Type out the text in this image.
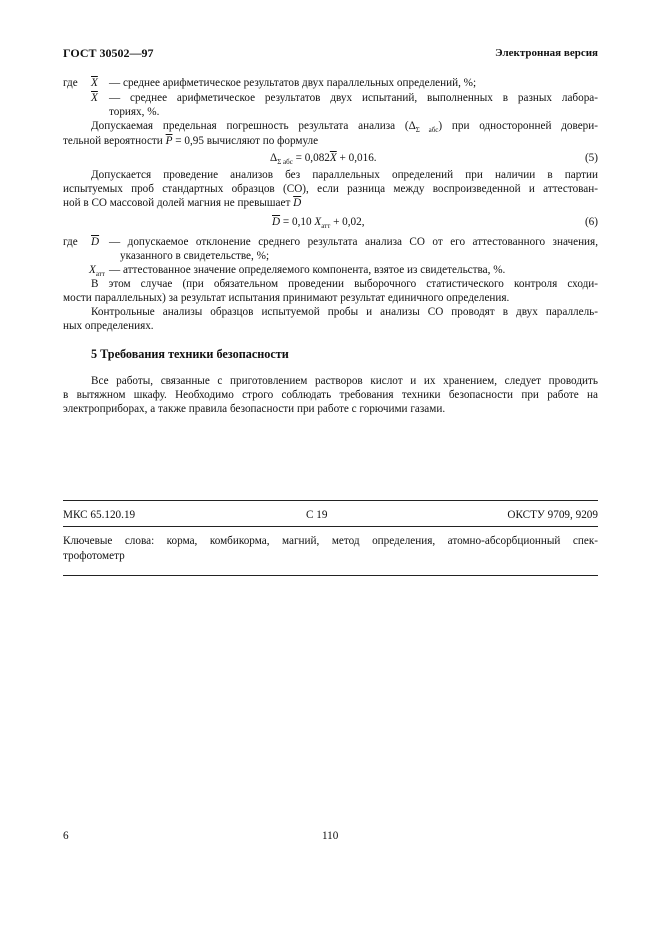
ГОСТ 30502—97	Электронная версия
где $\overline{X}$ — среднее арифметическое результатов двух параллельных определений, %;
$\overline{X}$ — среднее арифметическое результатов двух испытаний, выполненных в разных лабора-
ториях, %.
Допускаемая предельная погрешность результата анализа $(\Delta_{\Sigma абс})$ при односторонней довери-
тельной вероятности $\overline{P} = 0,95$ вычисляют по формуле
$\Delta_{\Sigma абс} = 0,082\overline{X} + 0,016$.	(5)
Допускается проведение анализов без параллельных определений при наличии в партии
испытуемых проб стандартных образцов (СО), если разница между воспроизведенной и аттестован-
ной в СО массовой долей магния не превышает $\overline{D}$
$\overline{D} = 0,10$ $X_{атт} + 0,02$,	(6)
где $\overline{D}$ — допускаемое отклонение среднего результата анализа СО от его аттестованного значения,
указанного в свидетельстве, %;
$X_{атт}$ — аттестованное значение определяемого компонента, взятое из свидетельства, %.
В этом случае (при обязательном проведении выборочного статистического контроля сходи-
мости параллельных) за результат испытания принимают результат единичного определения.
Контрольные анализы образцов испытуемой пробы и анализы СО проводят в двух параллель-
ных определениях.
5 Требования техники безопасности
Все работы, связанные с приготовлением растворов кислот и их хранением, следует проводить
в вытяжном шкафу. Необходимо строго соблюдать требования техники безопасности при работе на
электроприборах, а также правила безопасности при работе с горючими газами.
МКС 65.120.19	С 19	ОКСТУ 9709, 9209
Ключевые слова: корма, комбикорма, магний, метод определения, атомно-абсорбционный спек-
трофотометр
6	110
